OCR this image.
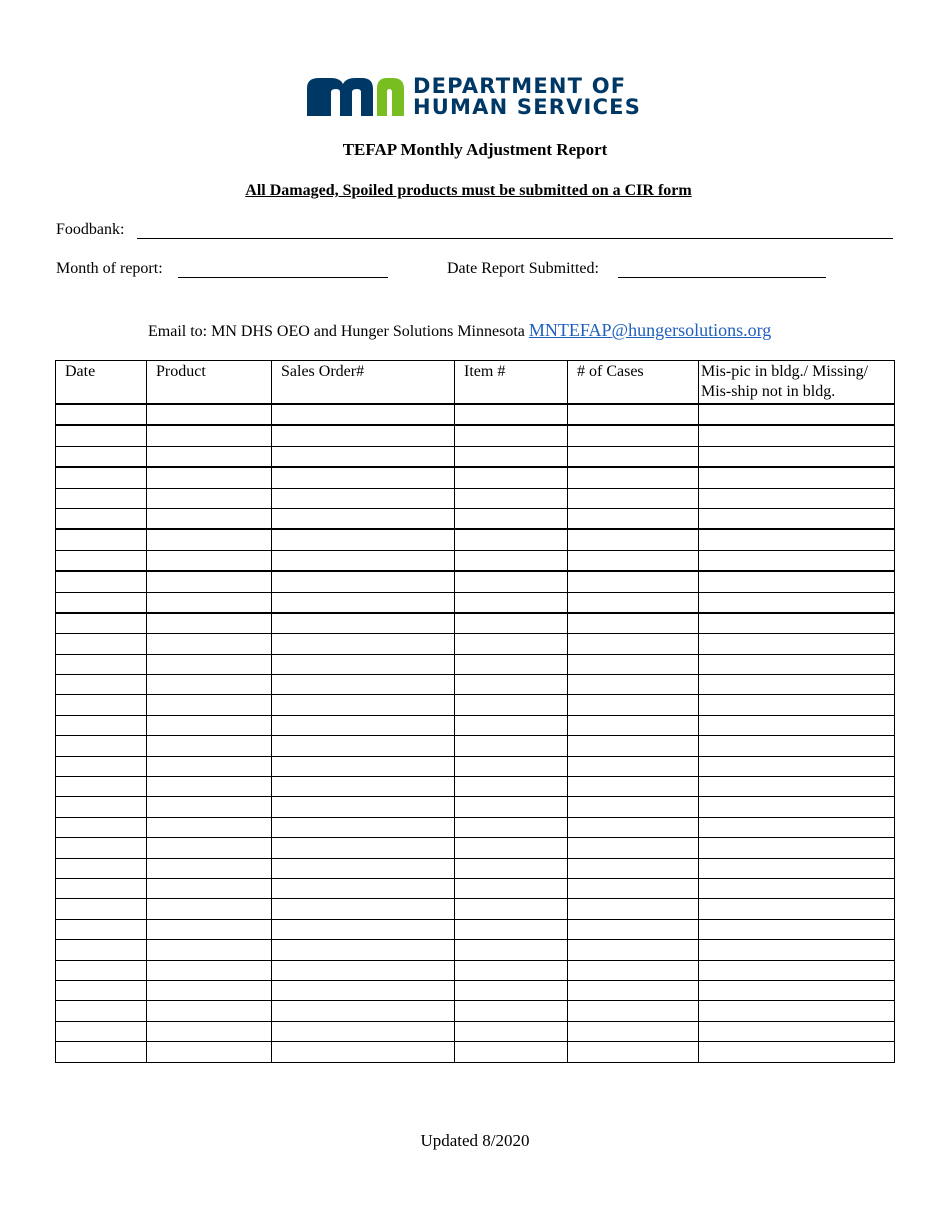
DEPARTMENT OF
HUMAN SERVICES
TEFAP Monthly Adjustment Report
All Damaged, Spoiled products must be submitted on a CIR form
Foodbank:
Month of report:	Date Report Submitted:
Email to: MN DHS OEO and Hunger Solutions Minnesota MNTEFAP@hungersolutions.org
Date	Product	Sales Order#	Item #	# of Cases	Mis-pic in bldg./ Missing/ Mis-ship not in bldg.

Updated 8/2020
